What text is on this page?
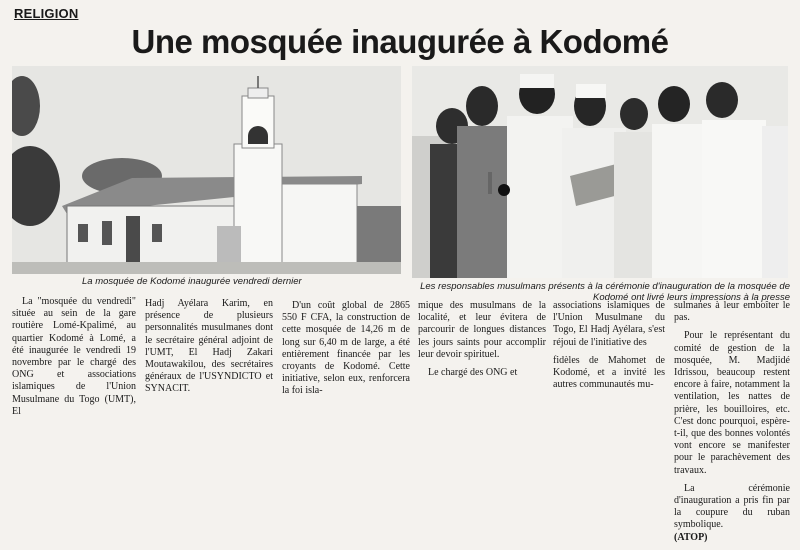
RELIGION
Une mosquée inaugurée à Kodomé
La mosquée de Kodomé inaugurée vendredi dernier	Les responsables musulmans présents à la cérémonie d'inauguration de la mosquée de Kodomé ont livré leurs impressions à la presse

La "mosquée du vendredi" située au sein de la gare routière Lomé-Kpalimé, au quartier Kodomé à Lomé, a été inaugurée le vendredi 19 novembre par le chargé des ONG et associations islamiques de l'Union Musulmane du Togo (UMT), El

Hadj Ayélara Karim, en présence de plusieurs personnalités musulmanes dont le secrétaire général adjoint de l'UMT, El Hadj Zakari Moutawakilou, des secrétaires généraux de l'USYNDICTO et SYNACIT.

D'un coût global de 2865 550 F CFA, la construction de cette mosquée de 14,26 m de long sur 6,40 m de large, a été entièrement financée par les croyants de Kodomé. Cette initiative, selon eux, renforcera la foi isla-

mique des musulmans de la localité, et leur évitera de parcourir de longues distances les jours saints pour accomplir leur devoir spirituel.

Le chargé des ONG et

associations islamiques de l'Union Musulmane du Togo, El Hadj Ayélara, s'est réjoui de l'initiative des

fidèles de Mahomet de Kodomé, et a invité les autres communautés mu-

sulmanes à leur emboîter le pas.

Pour le représentant du comité de gestion de la mosquée, M. Madjidé Idrissou, beaucoup restent encore à faire, notamment la ventilation, les nattes de prière, les bouilloires, etc. C'est donc pourquoi, espère-t-il, que des bonnes volontés vont encore se manifester pour le parachèvement des travaux.

La cérémonie d'inauguration a pris fin par la coupure du ruban symbolique.

(ATOP)
